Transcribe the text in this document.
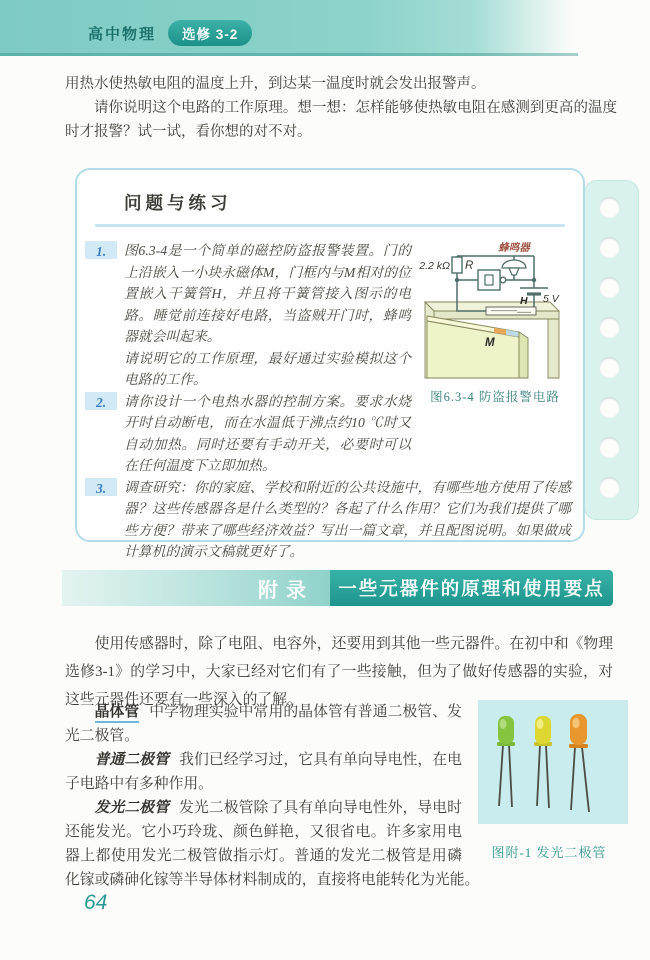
高中物理	选修 3-2

用热水使热敏电阻的温度上升，到达某一温度时就会发出报警声。

请你说明这个电路的工作原理。想一想：怎样能够使热敏电阻在感测到更高的温度时才报警？试一试，看你想的对不对。

问题与练习
1.
M
2.2 kΩ R
蜂鸣器
5 V
H
图6.3-4 防盗报警电路

图6.3-4是一个简单的磁控防盗报警装置。门的上沿嵌入一小块永磁体M，门框内与M相对的位置嵌入干簧管H，并且将干簧管接入图示的电路。睡觉前连接好电路，当盗贼开门时，蜂鸣器就会叫起来。

请说明它的工作原理，最好通过实验模拟这个电路的工作。

2.	请你设计一个电热水器的控制方案。要求水烧开时自动断电，而在水温低于沸点约10 ℃时又自动加热。同时还要有手动开关，必要时可以在任何温度下立即加热。

3.	调查研究：你的家庭、学校和附近的公共设施中，有哪些地方使用了传感器？这些传感器各是什么类型的？各起了什么作用？它们为我们提供了哪些方便？带来了哪些经济效益？写出一篇文章，并且配图说明。如果做成计算机的演示文稿就更好了。

附录 一些元器件的原理和使用要点

使用传感器时，除了电阻、电容外，还要用到其他一些元器件。在初中和《物理选修3-1》的学习中，大家已经对它们有了一些接触，但为了做好传感器的实验，对这些元器件还要有一些深入的了解。

图附-1 发光二极管

晶体管 中学物理实验中常用的晶体管有普通二极管、发光二极管。

普通二极管 我们已经学习过，它具有单向导电性，在电子电路中有多种作用。

发光二极管 发光二极管除了具有单向导电性外，导电时还能发光。它小巧玲珑、颜色鲜艳，又很省电。许多家用电器上都使用发光二极管做指示灯。普通的发光二极管是用磷化镓或磷砷化镓等半导体材料制成的，直接将电能转化为光能。

64
